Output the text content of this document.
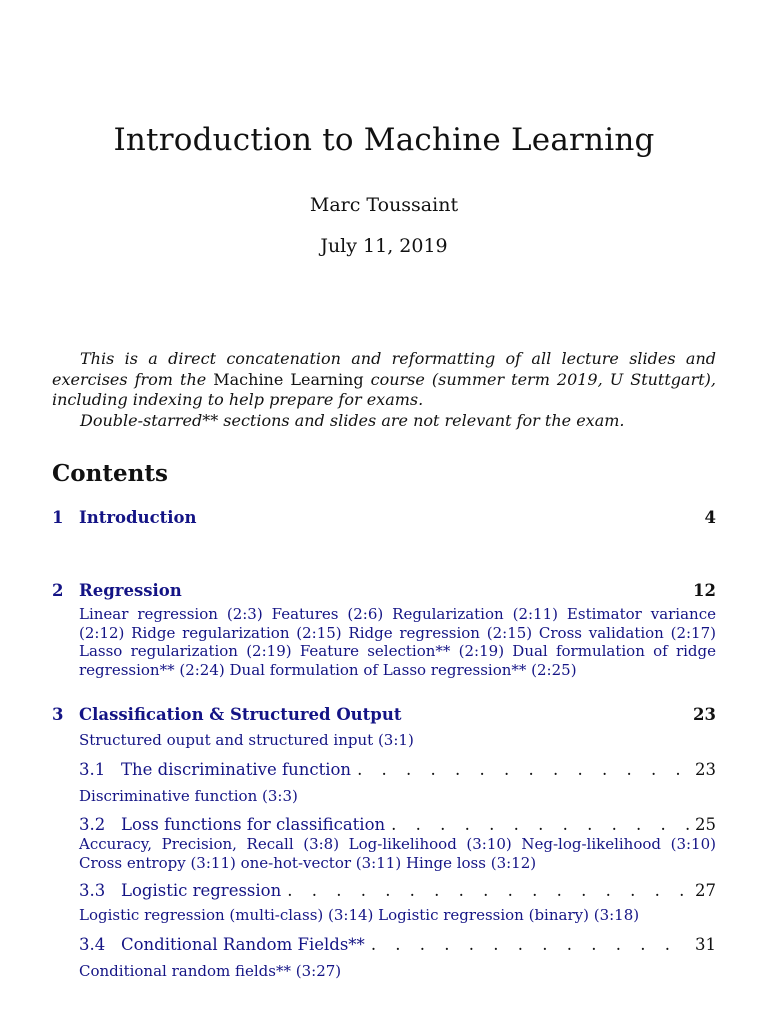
Introduction to Machine Learning
Marc Toussaint
July 11, 2019

This is a direct concatenation and reformatting of all lecture slides and exercises from the Machine Learning course (summer term 2019, U Stuttgart), including indexing to help prepare for exams.

Double-starred** sections and slides are not relevant for the exam.

Contents
1 Introduction	4
2 Regression	12
Linear regression (2:3) Features (2:6) Regularization (2:11) Estimator variance (2:12) Ridge regularization (2:15) Ridge regression (2:15) Cross validation (2:17) Lasso regularization (2:19) Feature selection** (2:19) Dual formulation of ridge regression** (2:24) Dual formulation of Lasso regression** (2:25)
3 Classification & Structured Output	23
Structured ouput and structured input (3:1)
3.1 The discriminative function . . .	23
Discriminative function (3:3)
3.2 Loss functions for classification . . .	25
Accuracy, Precision, Recall (3:8) Log-likelihood (3:10) Neg-log-likelihood (3:10) Cross entropy (3:11) one-hot-vector (3:11) Hinge loss (3:12)
3.3 Logistic regression . . .	27
Logistic regression (multi-class) (3:14) Logistic regression (binary) (3:18)
3.4 Conditional Random Fields** . . .	31
Conditional random fields** (3:27)
